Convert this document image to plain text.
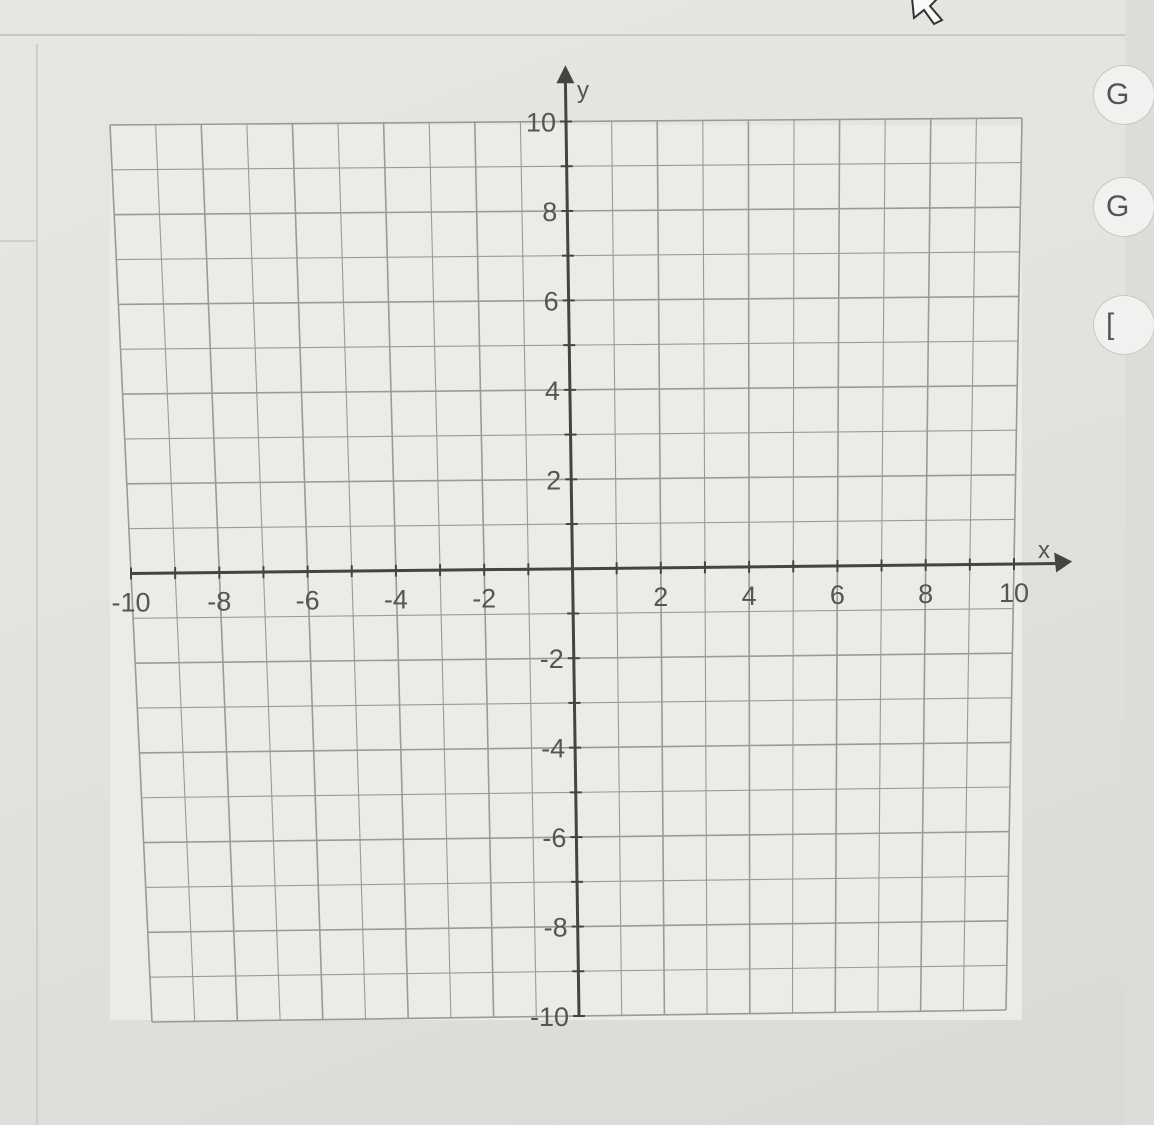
G
G
[
-10 -8 -6 -4 -2	2	4	6	8 10
10
8
6
4
2
-2
-4
-6
-8
-10
x
y
